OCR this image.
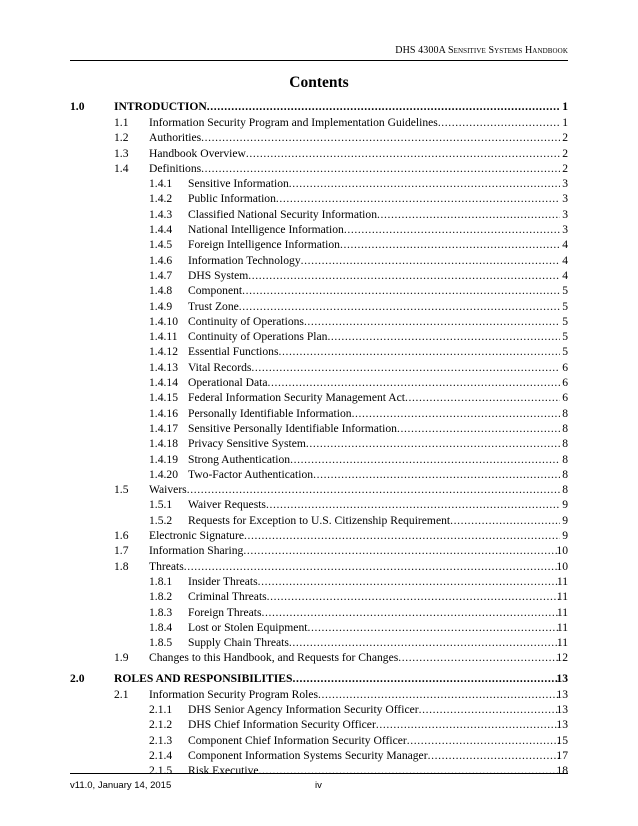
DHS 4300A Sensitive Systems Handbook
Contents
1.0	INTRODUCTION .....	1
1.1 Information Security Program and Implementation Guidelines .....	1
1.2 Authorities .....	2
1.3 Handbook Overview .....	2
1.4 Definitions .....	2
1.4.1 Sensitive Information .....	3
1.4.2 Public Information .....	3
1.4.3 Classified National Security Information .....	3
1.4.4 National Intelligence Information .....	3
1.4.5 Foreign Intelligence Information .....	4
1.4.6 Information Technology .....	4
1.4.7 DHS System .....	4
1.4.8 Component .....	5
1.4.9 Trust Zone .....	5
1.4.10 Continuity of Operations .....	5
1.4.11 Continuity of Operations Plan .....	5
1.4.12 Essential Functions .....	5
1.4.13 Vital Records .....	6
1.4.14 Operational Data .....	6
1.4.15 Federal Information Security Management Act .....	6
1.4.16 Personally Identifiable Information .....	8
1.4.17 Sensitive Personally Identifiable Information .....	8
1.4.18 Privacy Sensitive System .....	8
1.4.19 Strong Authentication .....	8
1.4.20 Two-Factor Authentication .....	8
1.5 Waivers .....	8
1.5.1 Waiver Requests .....	9
1.5.2 Requests for Exception to U.S. Citizenship Requirement .....	9
1.6 Electronic Signature .....	9
1.7 Information Sharing .....	10
1.8 Threats .....	10
1.8.1 Insider Threats .....	11
1.8.2 Criminal Threats .....	11
1.8.3 Foreign Threats .....	11
1.8.4 Lost or Stolen Equipment .....	11
1.8.5 Supply Chain Threats .....	11
1.9 Changes to this Handbook, and Requests for Changes .....	12
2.0	ROLES AND RESPONSIBILITIES .....	13
2.1 Information Security Program Roles .....	13
2.1.1 DHS Senior Agency Information Security Officer .....	13
2.1.2 DHS Chief Information Security Officer .....	13
2.1.3 Component Chief Information Security Officer .....	15
2.1.4 Component Information Systems Security Manager .....	17
2.1.5 Risk Executive .....	18
v11.0, January 14, 2015	iv
